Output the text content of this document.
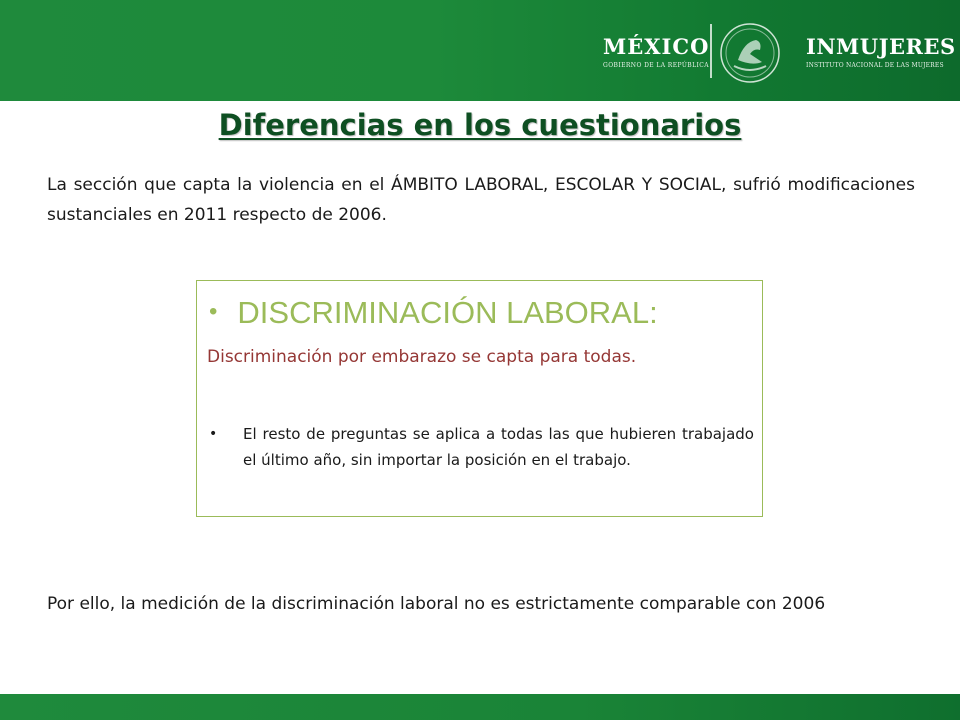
MÉXICO
GOBIERNO DE LA REPÚBLICA
INMUJERES
INSTITUTO NACIONAL DE LAS MUJERES
Diferencias en los cuestionarios
La sección que capta la violencia en el ÁMBITO LABORAL, ESCOLAR Y SOCIAL, sufrió modificaciones sustanciales en 2011 respecto de 2006.
• DISCRIMINACIÓN LABORAL:
Discriminación por embarazo se capta para todas.
•	El resto de preguntas se aplica a todas las que hubieren trabajado el último año, sin importar la posición en el trabajo.
Por ello, la medición de la discriminación laboral no es estrictamente comparable con 2006
